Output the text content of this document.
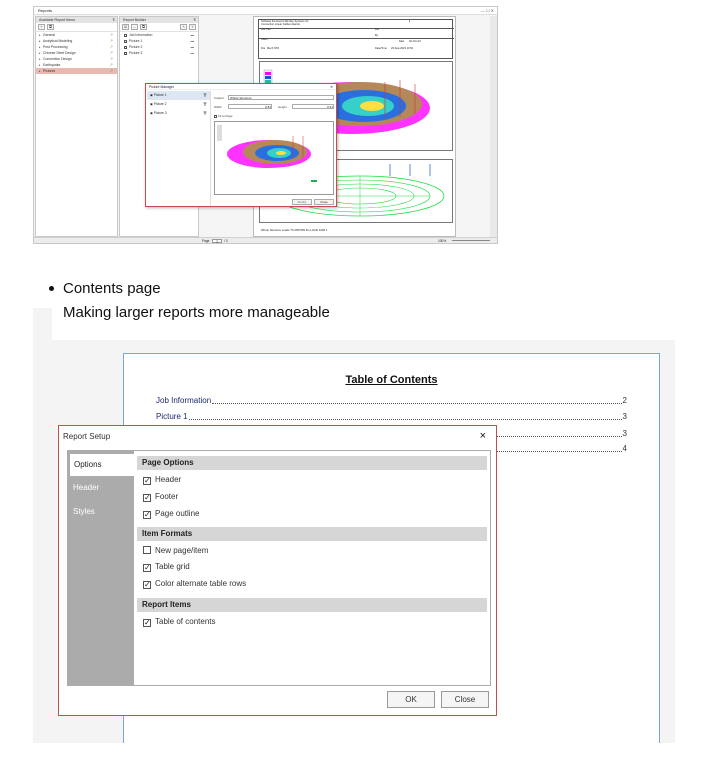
Reports	— ☐ ✕
Available Report Items	⊼
+	⧉
▸ General	↗
▸ Analytical Modeling	↗
▸ Post Processing	↗
▸ Chinese Steel Design	↗
▸ Connection Design	↗
▸ Earthquake	↗
▸ Pictures	↗
Report Builder	⊼
☑	–	⧉	˄	˅
✓Job Information	▬
✓Picture 1	▬
✓Picture 2	▬
✓Picture 3	▬
Software licensed to Bentley Systems Inc
Connection Linear Cables Islands
Job Title	Ref
2
By
Client
Date 02-Oct-23
File Mech STD	Date/Time 29-Sep-2023 10:51
Whole Structure Loads 7S 0057MN 5m LOAD 1000 1
Picture Manager	✕
▣ Picture 1	🗑
▣ Picture 2	🗑
▣ Picture 3	🗑
Caption	Whole Structure
Width	0.81	Height	0.61
Fit to Page
Modify	Close
Page	2	/ 3	100%
Contents page
Making larger reports more manageable
Table of Contents
Job Information	2
Picture 1	3
3
4
Report Setup	×
Options
Header
Styles
Page Options
✓ Header
✓ Footer
✓ Page outline
Item Formats
New page/item
✓ Table grid
✓ Color alternate table rows
Report Items
✓ Table of contents
OK	Close
